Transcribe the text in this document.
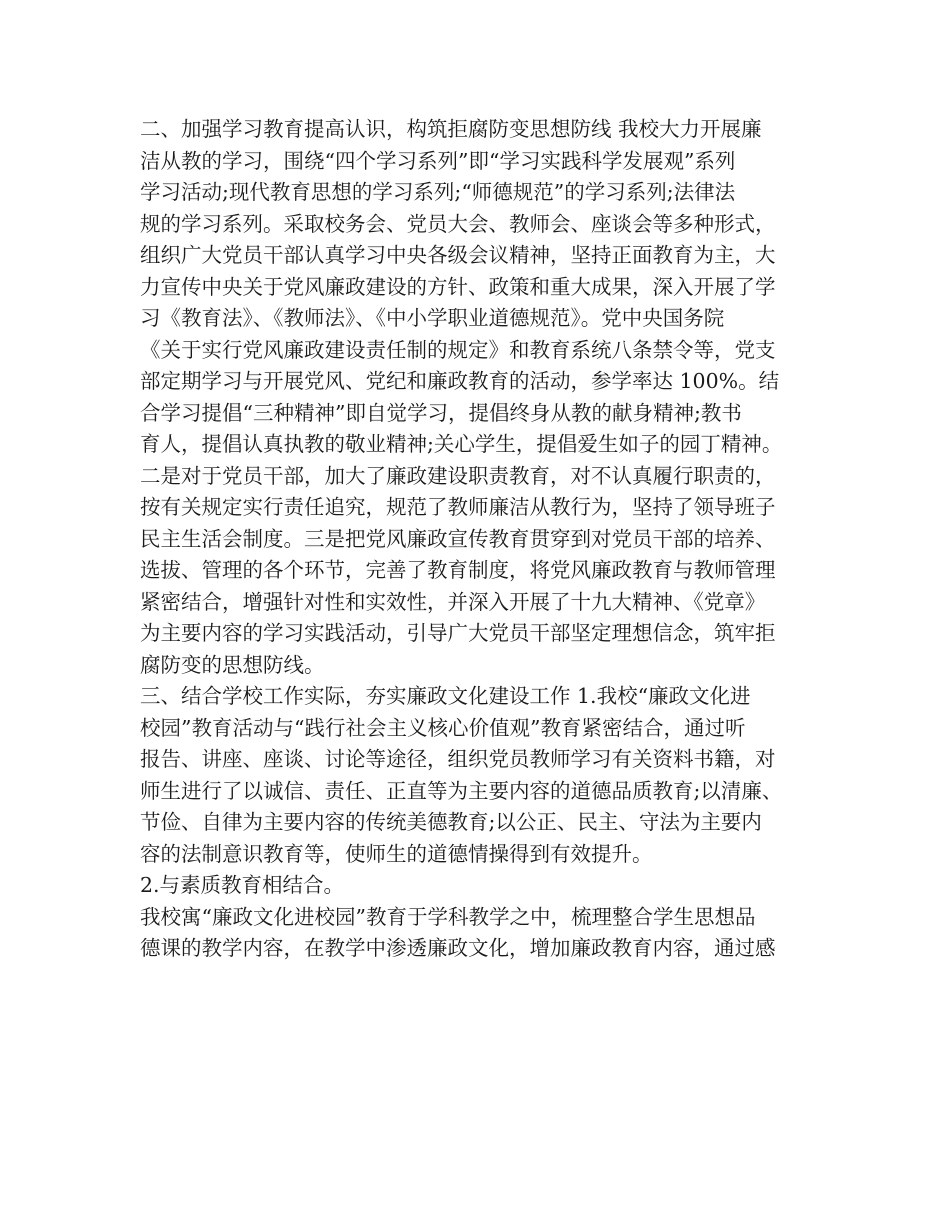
二、加强学习教育提高认识，构筑拒腐防变思想防线 我校大力开展廉
洁从教的学习，围绕“四个学习系列”即“学习实践科学发展观”系列
学习活动;现代教育思想的学习系列;“师德规范”的学习系列;法律法
规的学习系列。采取校务会、党员大会、教师会、座谈会等多种形式，
组织广大党员干部认真学习中央各级会议精神，坚持正面教育为主，大
力宣传中央关于党风廉政建设的方针、政策和重大成果，深入开展了学
习《教育法》、《教师法》、《中小学职业道德规范》。党中央国务院
《关于实行党风廉政建设责任制的规定》和教育系统八条禁令等，党支
部定期学习与开展党风、党纪和廉政教育的活动，参学率达 100%。结
合学习提倡“三种精神”即自觉学习，提倡终身从教的献身精神;教书
育人，提倡认真执教的敬业精神;关心学生，提倡爱生如子的园丁精神。
二是对于党员干部，加大了廉政建设职责教育，对不认真履行职责的，
按有关规定实行责任追究，规范了教师廉洁从教行为，坚持了领导班子
民主生活会制度。三是把党风廉政宣传教育贯穿到对党员干部的培养、
选拔、管理的各个环节，完善了教育制度，将党风廉政教育与教师管理
紧密结合，增强针对性和实效性，并深入开展了十九大精神、《党章》
为主要内容的学习实践活动，引导广大党员干部坚定理想信念，筑牢拒
腐防变的思想防线。
三、结合学校工作实际，夯实廉政文化建设工作 1.我校“廉政文化进
校园”教育活动与“践行社会主义核心价值观”教育紧密结合，通过听
报告、讲座、座谈、讨论等途径，组织党员教师学习有关资料书籍，对
师生进行了以诚信、责任、正直等为主要内容的道德品质教育;以清廉、
节俭、自律为主要内容的传统美德教育;以公正、民主、守法为主要内
容的法制意识教育等，使师生的道德情操得到有效提升。
2.与素质教育相结合。
我校寓“廉政文化进校园”教育于学科教学之中，梳理整合学生思想品
德课的教学内容，在教学中渗透廉政文化，增加廉政教育内容，通过感
